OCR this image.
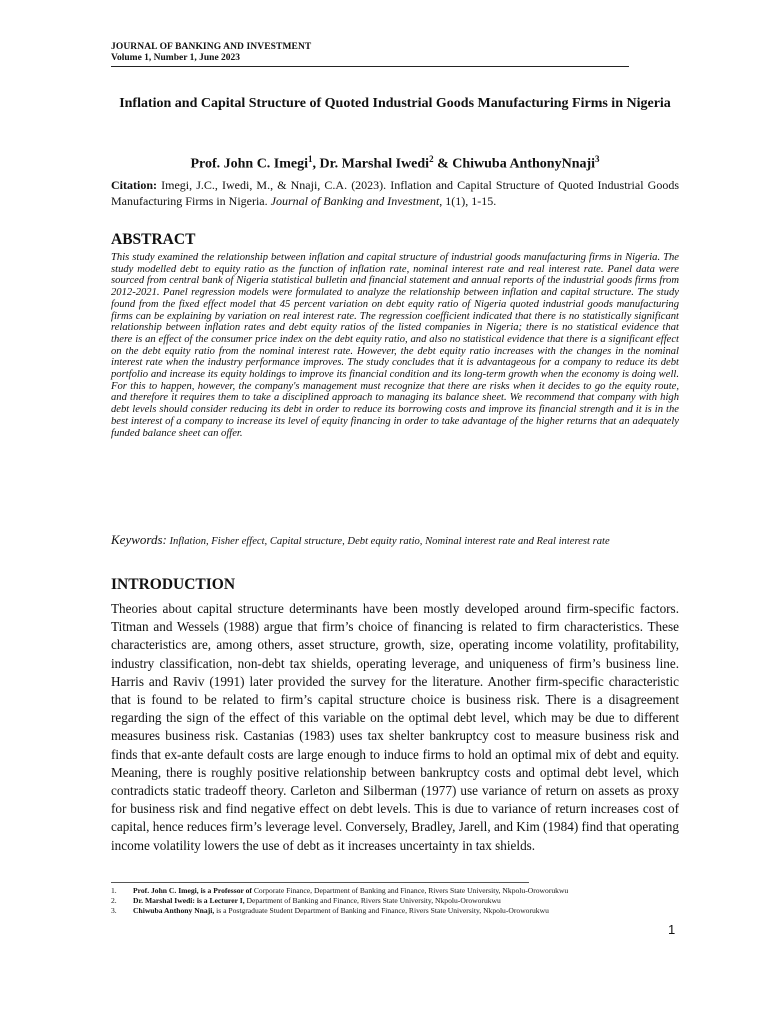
JOURNAL OF BANKING AND INVESTMENT
Volume 1, Number 1, June 2023
Inflation and Capital Structure of Quoted Industrial Goods Manufacturing Firms in Nigeria
Prof. John C. Imegi$^1$, Dr. Marshal Iwedi$^2$ & Chiwuba AnthonyNnaji$^3$
Citation: Imegi, J.C., Iwedi, M., & Nnaji, C.A. (2023). Inflation and Capital Structure of Quoted Industrial Goods Manufacturing Firms in Nigeria. Journal of Banking and Investment, 1(1), 1-15.
ABSTRACT

This study examined the relationship between inflation and capital structure of industrial goods manufacturing firms in Nigeria. The study modelled debt to equity ratio as the function of inflation rate, nominal interest rate and real interest rate. Panel data were sourced from central bank of Nigeria statistical bulletin and financial statement and annual reports of the industrial goods firms from 2012-2021. Panel regression models were formulated to analyze the relationship between inflation and capital structure. The study found from the fixed effect model that 45 percent variation on debt equity ratio of Nigeria quoted industrial goods manufacturing firms can be explaining by variation on real interest rate. The regression coefficient indicated that there is no statistically significant relationship between inflation rates and debt equity ratios of the listed companies in Nigeria; there is no statistical evidence that there is an effect of the consumer price index on the debt equity ratio, and also no statistical evidence that there is a significant effect on the debt equity ratio from the nominal interest rate. However, the debt equity ratio increases with the changes in the nominal interest rate when the industry performance improves. The study concludes that it is advantageous for a company to reduce its debt portfolio and increase its equity holdings to improve its financial condition and its long-term growth when the economy is doing well. For this to happen, however, the company's management must recognize that there are risks when it decides to go the equity route, and therefore it requires them to take a disciplined approach to managing its balance sheet. We recommend that company with high debt levels should consider reducing its debt in order to reduce its borrowing costs and improve its financial strength and it is in the best interest of a company to increase its level of equity financing in order to take advantage of the higher returns that an adequately funded balance sheet can offer.

Keywords: Inflation, Fisher effect, Capital structure, Debt equity ratio, Nominal interest rate and Real interest rate
INTRODUCTION

Theories about capital structure determinants have been mostly developed around firm-specific factors. Titman and Wessels (1988) argue that firm’s choice of financing is related to firm characteristics. These characteristics are, among others, asset structure, growth, size, operating income volatility, profitability, industry classification, non-debt tax shields, operating leverage, and uniqueness of firm’s business line. Harris and Raviv (1991) later provided the survey for the literature. Another firm-specific characteristic that is found to be related to firm’s capital structure choice is business risk. There is a disagreement regarding the sign of the effect of this variable on the optimal debt level, which may be due to different measures business risk. Castanias (1983) uses tax shelter bankruptcy cost to measure business risk and finds that ex-ante default costs are large enough to induce firms to hold an optimal mix of debt and equity. Meaning, there is roughly positive relationship between bankruptcy costs and optimal debt level, which contradicts static tradeoff theory. Carleton and Silberman (1977) use variance of return on assets as proxy for business risk and find negative effect on debt levels. This is due to variance of return increases cost of capital, hence reduces firm’s leverage level. Conversely, Bradley, Jarell, and Kim (1984) find that operating income volatility lowers the use of debt as it increases uncertainty in tax shields.

1.	Prof. John C. Imegi, is a Professor of Corporate Finance, Department of Banking and Finance, Rivers State University, Nkpolu-Oroworukwu
2.	Dr. Marshal Iwedi: is a Lecturer I, Department of Banking and Finance, Rivers State University, Nkpolu-Oroworukwu
3.	Chiwuba Anthony Nnaji, is a Postgraduate Student Department of Banking and Finance, Rivers State University, Nkpolu-Oroworukwu
1
